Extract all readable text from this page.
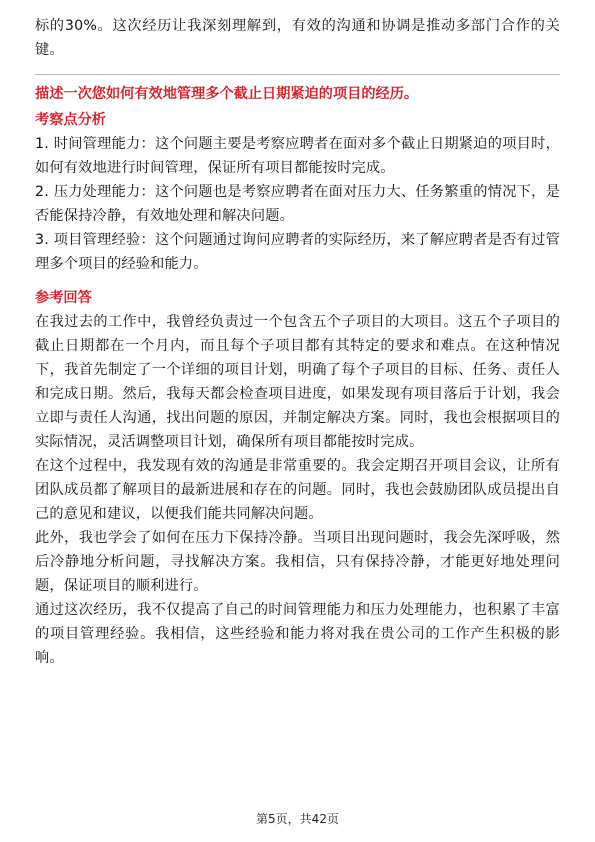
标的30%。这次经历让我深刻理解到，有效的沟通和协调是推动多部门合作的关键。

描述一次您如何有效地管理多个截止日期紧迫的项目的经历。
考察点分析

1. 时间管理能力：这个问题主要是考察应聘者在面对多个截止日期紧迫的项目时，如何有效地进行时间管理，保证所有项目都能按时完成。

2. 压力处理能力：这个问题也是考察应聘者在面对压力大、任务繁重的情况下，是否能保持冷静，有效地处理和解决问题。

3. 项目管理经验：这个问题通过询问应聘者的实际经历，来了解应聘者是否有过管理多个项目的经验和能力。

参考回答

在我过去的工作中，我曾经负责过一个包含五个子项目的大项目。这五个子项目的截止日期都在一个月内，而且每个子项目都有其特定的要求和难点。在这种情况下，我首先制定了一个详细的项目计划，明确了每个子项目的目标、任务、责任人和完成日期。然后，我每天都会检查项目进度，如果发现有项目落后于计划，我会立即与责任人沟通，找出问题的原因，并制定解决方案。同时，我也会根据项目的实际情况，灵活调整项目计划，确保所有项目都能按时完成。

在这个过程中，我发现有效的沟通是非常重要的。我会定期召开项目会议，让所有团队成员都了解项目的最新进展和存在的问题。同时，我也会鼓励团队成员提出自己的意见和建议，以便我们能共同解决问题。

此外，我也学会了如何在压力下保持冷静。当项目出现问题时，我会先深呼吸，然后冷静地分析问题，寻找解决方案。我相信，只有保持冷静，才能更好地处理问题，保证项目的顺利进行。

通过这次经历，我不仅提高了自己的时间管理能力和压力处理能力，也积累了丰富的项目管理经验。我相信，这些经验和能力将对我在贵公司的工作产生积极的影响。

第5页，共42页
